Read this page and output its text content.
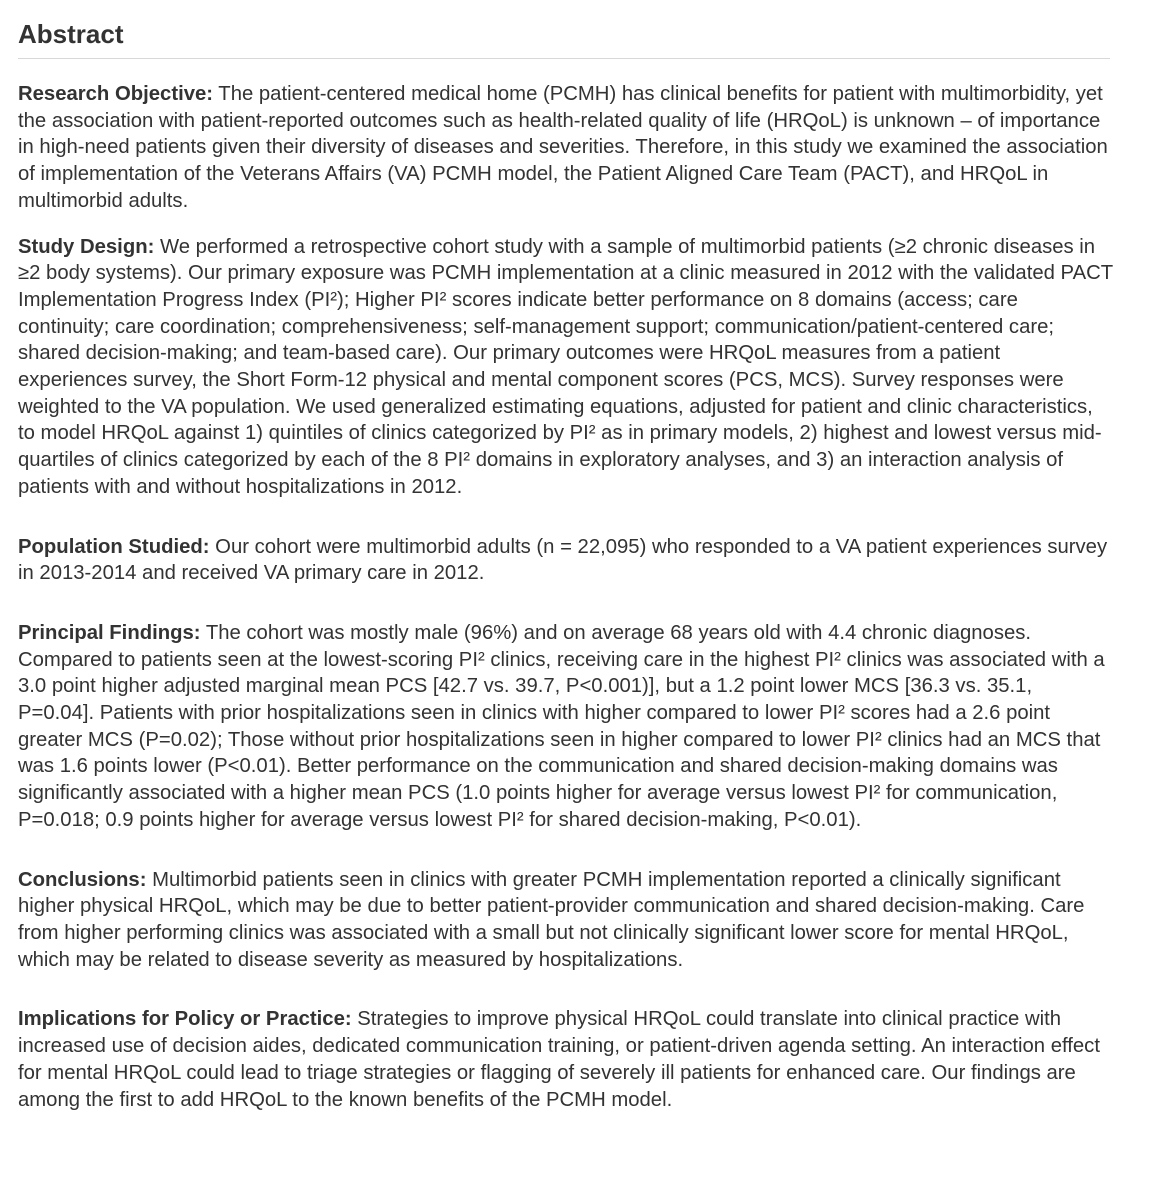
Abstract

Research Objective: The patient-centered medical home (PCMH) has clinical benefits for patient with multimorbidity, yet the association with patient-reported outcomes such as health-related quality of life (HRQoL) is unknown – of importance in high-need patients given their diversity of diseases and severities. Therefore, in this study we examined the association of implementation of the Veterans Affairs (VA) PCMH model, the Patient Aligned Care Team (PACT), and HRQoL in multimorbid adults.

Study Design: We performed a retrospective cohort study with a sample of multimorbid patients (≥2 chronic diseases in ≥2 body systems). Our primary exposure was PCMH implementation at a clinic measured in 2012 with the validated PACT Implementation Progress Index (PI²); Higher PI² scores indicate better performance on 8 domains (access; care continuity; care coordination; comprehensiveness; self-management support; communication/patient-centered care; shared decision-making; and team-based care). Our primary outcomes were HRQoL measures from a patient experiences survey, the Short Form-12 physical and mental component scores (PCS, MCS). Survey responses were weighted to the VA population. We used generalized estimating equations, adjusted for patient and clinic characteristics, to model HRQoL against 1) quintiles of clinics categorized by PI² as in primary models, 2) highest and lowest versus mid-quartiles of clinics categorized by each of the 8 PI² domains in exploratory analyses, and 3) an interaction analysis of patients with and without hospitalizations in 2012.

Population Studied: Our cohort were multimorbid adults (n = 22,095) who responded to a VA patient experiences survey in 2013-2014 and received VA primary care in 2012.

Principal Findings: The cohort was mostly male (96%) and on average 68 years old with 4.4 chronic diagnoses. Compared to patients seen at the lowest-scoring PI² clinics, receiving care in the highest PI² clinics was associated with a 3.0 point higher adjusted marginal mean PCS [42.7 vs. 39.7, P<0.001)], but a 1.2 point lower MCS [36.3 vs. 35.1, P=0.04]. Patients with prior hospitalizations seen in clinics with higher compared to lower PI² scores had a 2.6 point greater MCS (P=0.02); Those without prior hospitalizations seen in higher compared to lower PI² clinics had an MCS that was 1.6 points lower (P<0.01). Better performance on the communication and shared decision-making domains was significantly associated with a higher mean PCS (1.0 points higher for average versus lowest PI² for communication, P=0.018; 0.9 points higher for average versus lowest PI² for shared decision-making, P<0.01).

Conclusions: Multimorbid patients seen in clinics with greater PCMH implementation reported a clinically significant higher physical HRQoL, which may be due to better patient-provider communication and shared decision-making. Care from higher performing clinics was associated with a small but not clinically significant lower score for mental HRQoL, which may be related to disease severity as measured by hospitalizations.

Implications for Policy or Practice: Strategies to improve physical HRQoL could translate into clinical practice with increased use of decision aides, dedicated communication training, or patient-driven agenda setting. An interaction effect for mental HRQoL could lead to triage strategies or flagging of severely ill patients for enhanced care. Our findings are among the first to add HRQoL to the known benefits of the PCMH model.
